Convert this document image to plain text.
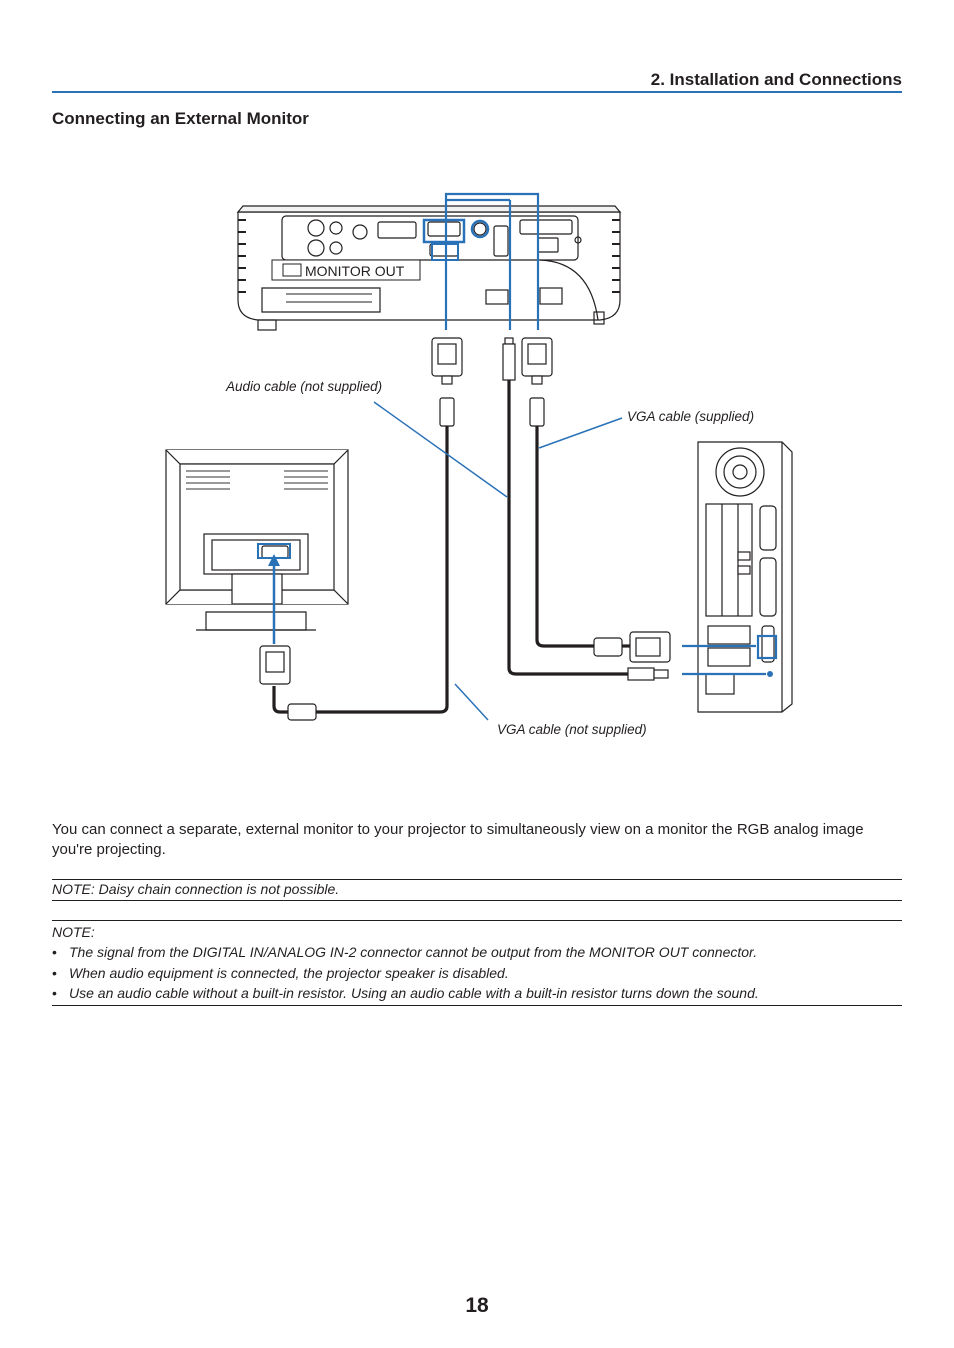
2. Installation and Connections
Connecting an External Monitor
MONITOR OUT
Audio cable (not supplied)
VGA cable (supplied)
VGA cable (not supplied)
You can connect a separate, external monitor to your projector to simultaneously view on a monitor the RGB analog image you're projecting.
NOTE: Daisy chain connection is not possible.
NOTE:
• The signal from the DIGITAL IN/ANALOG IN-2 connector cannot be output from the MONITOR OUT connector.
• When audio equipment is connected, the projector speaker is disabled.
• Use an audio cable without a built-in resistor. Using an audio cable with a built-in resistor turns down the sound.
18
